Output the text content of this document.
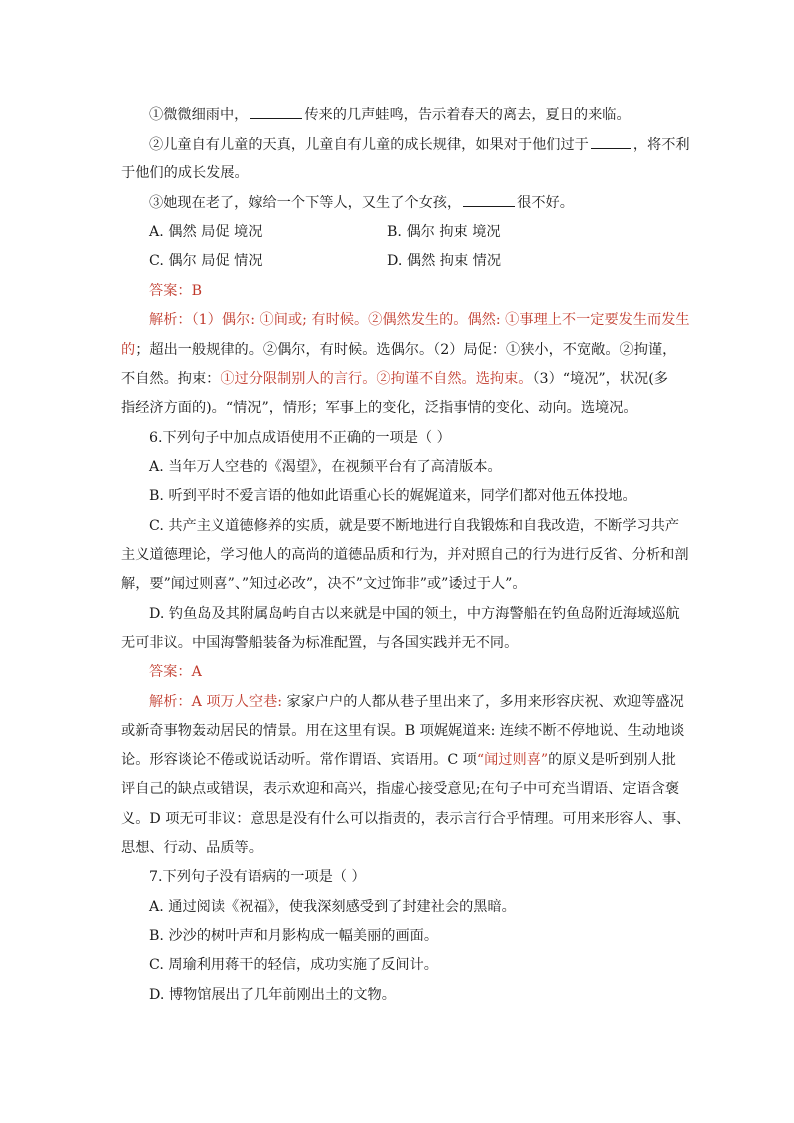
①微微细雨中，	传来的几声蛙鸣，告示着春天的离去，夏日的来临。
②儿童自有儿童的天真，儿童自有儿童的成长规律，如果对于他们过于	，将不利
于他们的成长发展。
③她现在老了，嫁给一个下等人，又生了个女孩，	很不好。
A. 偶然 局促 境况	B. 偶尔 拘束 境况
C. 偶尔 局促 情况	D. 偶然 拘束 情况
答案：B
解析：（1）偶尔: ①间或; 有时候。②偶然发生的。偶然: ①事理上不一定要发生而发生
的；超出一般规律的。②偶尔，有时候。选偶尔。（2）局促：①狭小，不宽敞。②拘谨，
不自然。拘束：①过分限制别人的言行。②拘谨不自然。选拘束。（3）“境况”，状况(多
指经济方面的)。“情况”，情形；军事上的变化，泛指事情的变化、动向。选境况。
6.下列句子中加点成语使用不正确的一项是（ ）
A. 当年万人空巷的《渴望》，在视频平台有了高清版本。
B. 听到平时不爱言语的他如此语重心长的娓娓道来，同学们都对他五体投地。
C. 共产主义道德修养的实质，就是要不断地进行自我锻炼和自我改造，不断学习共产
主义道德理论，学习他人的高尚的道德品质和行为，并对照自己的行为进行反省、分析和剖
解，要”闻过则喜”、”知过必改”，决不”文过饰非”或”诿过于人”。
D. 钓鱼岛及其附属岛屿自古以来就是中国的领土，中方海警船在钓鱼岛附近海域巡航
无可非议。中国海警船装备为标准配置，与各国实践并无不同。
答案：A
解析：A 项万人空巷: 家家户户的人都从巷子里出来了，多用来形容庆祝、欢迎等盛况
或新奇事物轰动居民的情景。用在这里有误。B 项娓娓道来: 连续不断不停地说、生动地谈
论。形容谈论不倦或说话动听。常作谓语、宾语用。C 项“闻过则喜”的原义是听到别人批
评自己的缺点或错误，表示欢迎和高兴，指虚心接受意见;在句子中可充当谓语、定语含褒
义。D 项无可非议：意思是没有什么可以指责的，表示言行合乎情理。可用来形容人、事、
思想、行动、品质等。
7.下列句子没有语病的一项是（ ）
A. 通过阅读《祝福》，使我深刻感受到了封建社会的黑暗。
B. 沙沙的树叶声和月影构成一幅美丽的画面。
C. 周瑜利用蒋干的轻信，成功实施了反间计。
D. 博物馆展出了几年前刚出土的文物。
